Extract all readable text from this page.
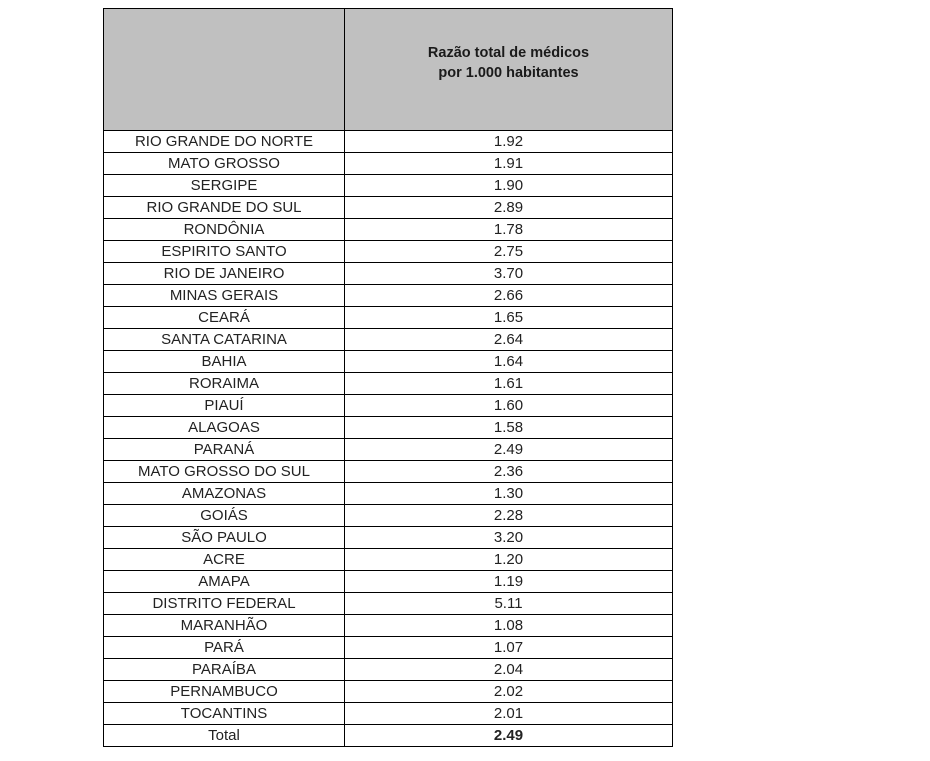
	Razão total de médicos
por 1.000 habitantes

RIO GRANDE DO NORTE	1.92
MATO GROSSO	1.91
SERGIPE	1.90
RIO GRANDE DO SUL	2.89
RONDÔNIA	1.78
ESPIRITO SANTO	2.75
RIO DE JANEIRO	3.70
MINAS GERAIS	2.66
CEARÁ	1.65
SANTA CATARINA	2.64
BAHIA	1.64
RORAIMA	1.61
PIAUÍ	1.60
ALAGOAS	1.58
PARANÁ	2.49
MATO GROSSO DO SUL	2.36
AMAZONAS	1.30
GOIÁS	2.28
SÃO PAULO	3.20
ACRE	1.20
AMAPA	1.19
DISTRITO FEDERAL	5.11
MARANHÃO	1.08
PARÁ	1.07
PARAÍBA	2.04
PERNAMBUCO	2.02
TOCANTINS	2.01
Total	2.49
